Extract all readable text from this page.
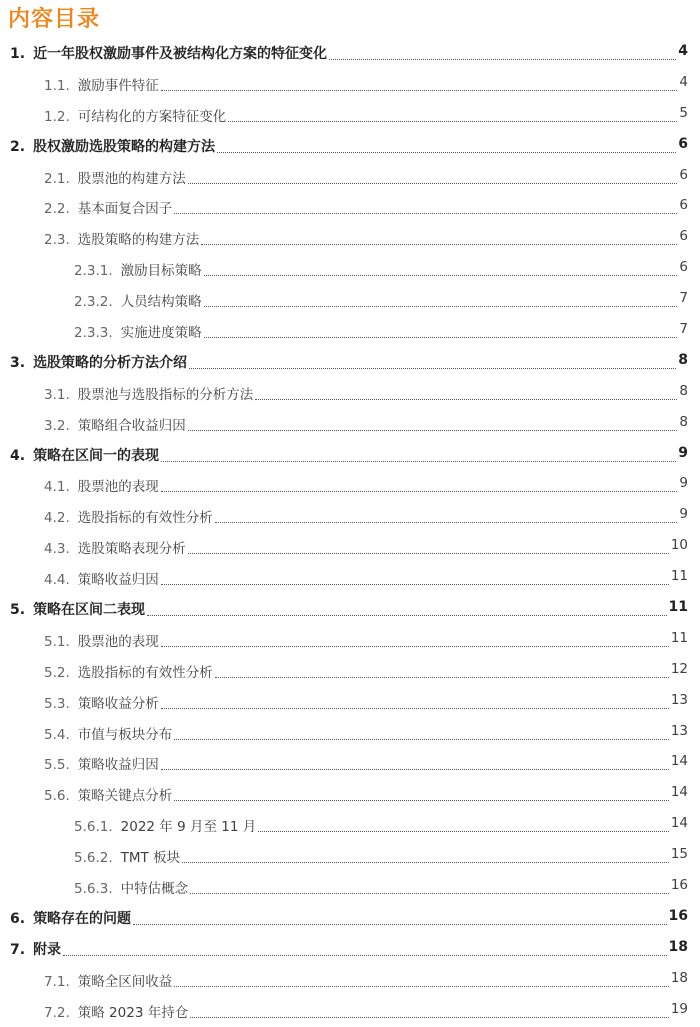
内容目录
1. 近一年股权激励事件及被结构化方案的特征变化	4
1.1. 激励事件特征	4
1.2. 可结构化的方案特征变化	5
2. 股权激励选股策略的构建方法	6
2.1. 股票池的构建方法	6
2.2. 基本面复合因子	6
2.3. 选股策略的构建方法	6
2.3.1. 激励目标策略	6
2.3.2. 人员结构策略	7
2.3.3. 实施进度策略	7
3. 选股策略的分析方法介绍	8
3.1. 股票池与选股指标的分析方法	8
3.2. 策略组合收益归因	8
4. 策略在区间一的表现	9
4.1. 股票池的表现	9
4.2. 选股指标的有效性分析	9
4.3. 选股策略表现分析	10
4.4. 策略收益归因	11
5. 策略在区间二表现	11
5.1. 股票池的表现	11
5.2. 选股指标的有效性分析	12
5.3. 策略收益分析	13
5.4. 市值与板块分布	13
5.5. 策略收益归因	14
5.6. 策略关键点分析	14
5.6.1. 2022 年 9 月至 11 月	14
5.6.2. TMT 板块	15
5.6.3. 中特估概念	16
6. 策略存在的问题	16
7. 附录	18
7.1. 策略全区间收益	18
7.2. 策略 2023 年持仓	19
